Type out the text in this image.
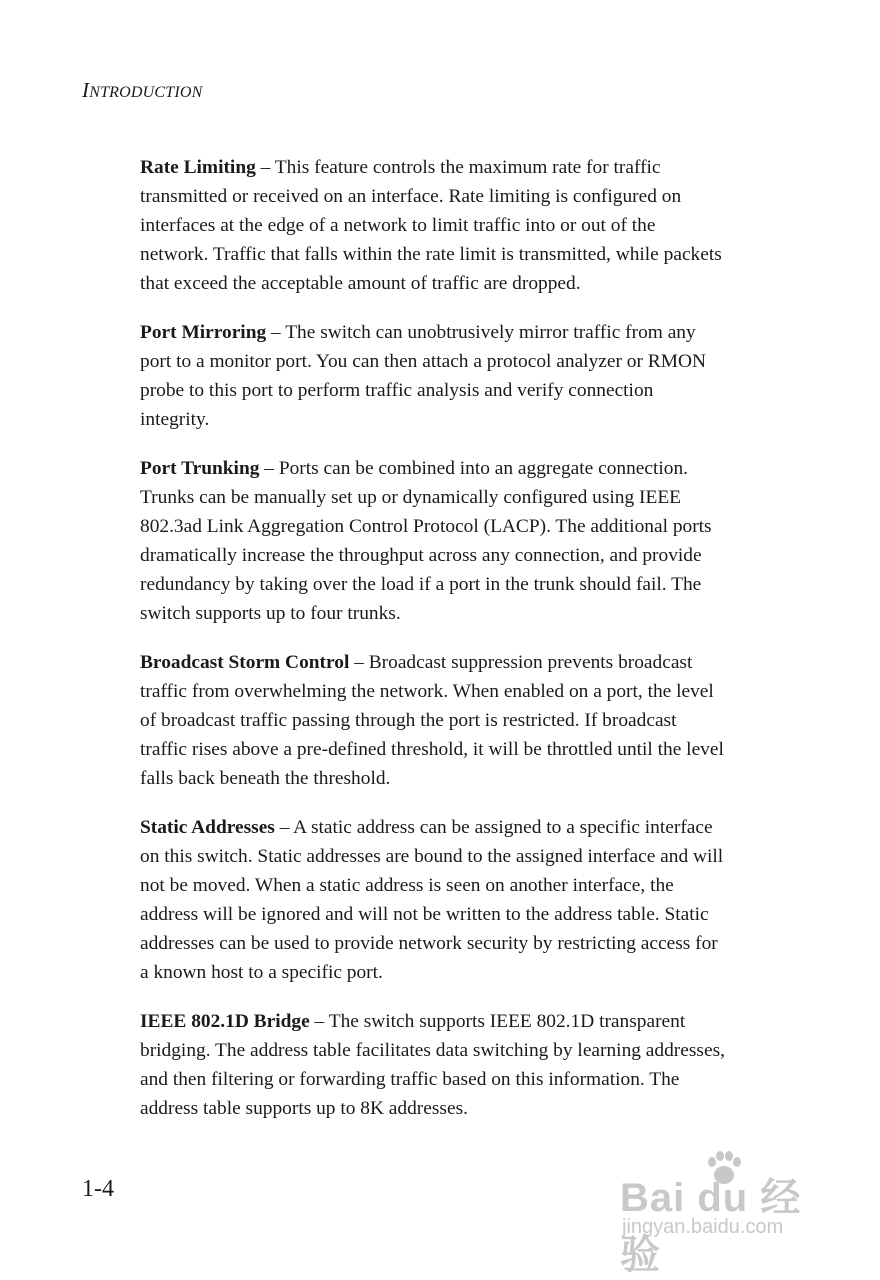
INTRODUCTION
Rate Limiting – This feature controls the maximum rate for traffic
transmitted or received on an interface. Rate limiting is configured on
interfaces at the edge of a network to limit traffic into or out of the
network. Traffic that falls within the rate limit is transmitted, while packets
that exceed the acceptable amount of traffic are dropped.
Port Mirroring – The switch can unobtrusively mirror traffic from any
port to a monitor port. You can then attach a protocol analyzer or RMON
probe to this port to perform traffic analysis and verify connection
integrity.
Port Trunking – Ports can be combined into an aggregate connection.
Trunks can be manually set up or dynamically configured using IEEE
802.3ad Link Aggregation Control Protocol (LACP). The additional ports
dramatically increase the throughput across any connection, and provide
redundancy by taking over the load if a port in the trunk should fail. The
switch supports up to four trunks.
Broadcast Storm Control – Broadcast suppression prevents broadcast
traffic from overwhelming the network. When enabled on a port, the level
of broadcast traffic passing through the port is restricted. If broadcast
traffic rises above a pre-defined threshold, it will be throttled until the level
falls back beneath the threshold.
Static Addresses – A static address can be assigned to a specific interface
on this switch. Static addresses are bound to the assigned interface and will
not be moved. When a static address is seen on another interface, the
address will be ignored and will not be written to the address table. Static
addresses can be used to provide network security by restricting access for
a known host to a specific port.
IEEE 802.1D Bridge – The switch supports IEEE 802.1D transparent
bridging. The address table facilitates data switching by learning addresses,
and then filtering or forwarding traffic based on this information. The
address table supports up to 8K addresses.
1-4	Bai du 经验
jingyan.baidu.com
